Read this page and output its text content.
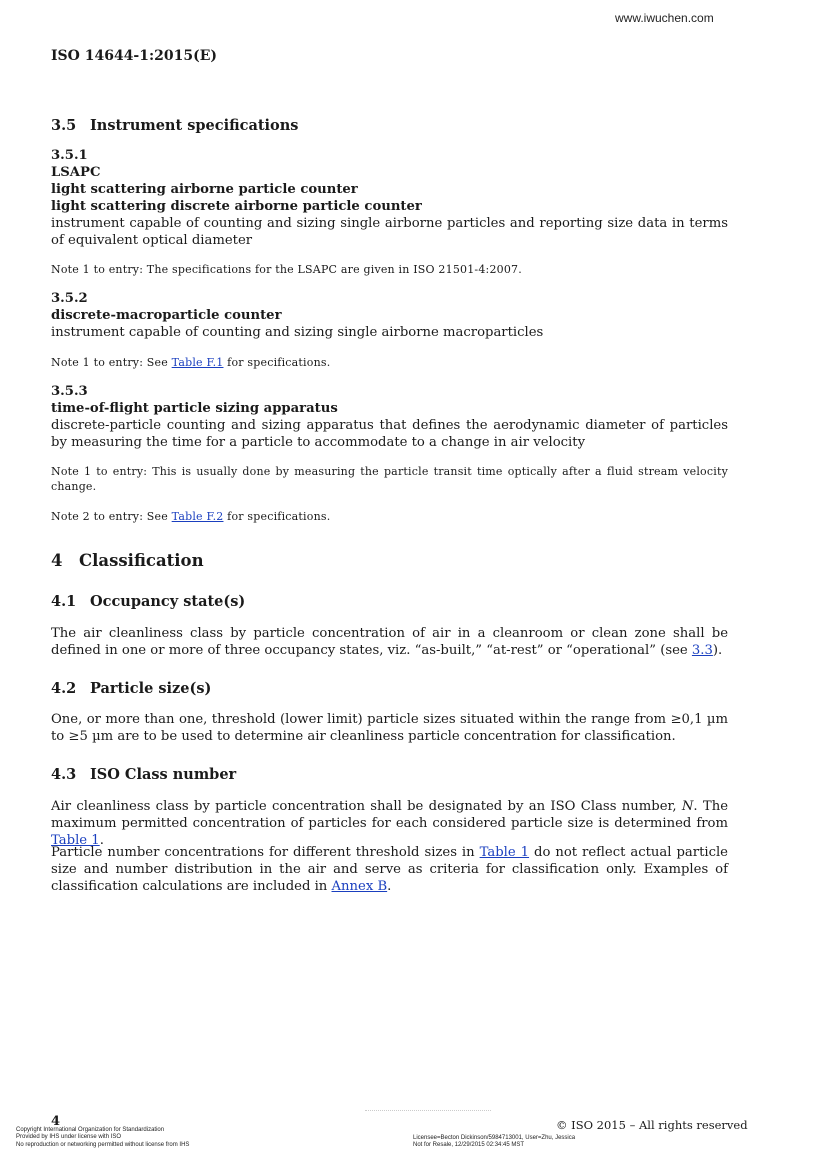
www.iwuchen.com
ISO 14644-1:2015(E)
3.5 Instrument specifications
3.5.1
LSAPC
light scattering airborne particle counter
light scattering discrete airborne particle counter
instrument capable of counting and sizing single airborne particles and reporting size data in terms of equivalent optical diameter
Note 1 to entry: The specifications for the LSAPC are given in ISO 21501-4:2007.
3.5.2
discrete-macroparticle counter
instrument capable of counting and sizing single airborne macroparticles
Note 1 to entry: See Table F.1 for specifications.
3.5.3
time-of-flight particle sizing apparatus
discrete-particle counting and sizing apparatus that defines the aerodynamic diameter of particles by measuring the time for a particle to accommodate to a change in air velocity
Note 1 to entry: This is usually done by measuring the particle transit time optically after a fluid stream velocity change.
Note 2 to entry: See Table F.2 for specifications.
4 Classification
4.1 Occupancy state(s)
The air cleanliness class by particle concentration of air in a cleanroom or clean zone shall be defined in one or more of three occupancy states, viz. “as-built,” “at-rest” or “operational” (see 3.3).
4.2 Particle size(s)
One, or more than one, threshold (lower limit) particle sizes situated within the range from ≥0,1 µm to ≥5 µm are to be used to determine air cleanliness particle concentration for classification.
4.3 ISO Class number
Air cleanliness class by particle concentration shall be designated by an ISO Class number, N. The maximum permitted concentration of particles for each considered particle size is determined from Table 1.
Particle number concentrations for different threshold sizes in Table 1 do not reflect actual particle size and number distribution in the air and serve as criteria for classification only. Examples of classification calculations are included in Annex B.
4	© ISO 2015 – All rights reserved
Copyright International Organization for Standardization
Provided by IHS under license with ISO
No reproduction or networking permitted without license from IHS
Licensee=Becton Dickinson/5984713001, User=Zhu, Jessica
Not for Resale, 12/29/2015 02:34:45 MST
